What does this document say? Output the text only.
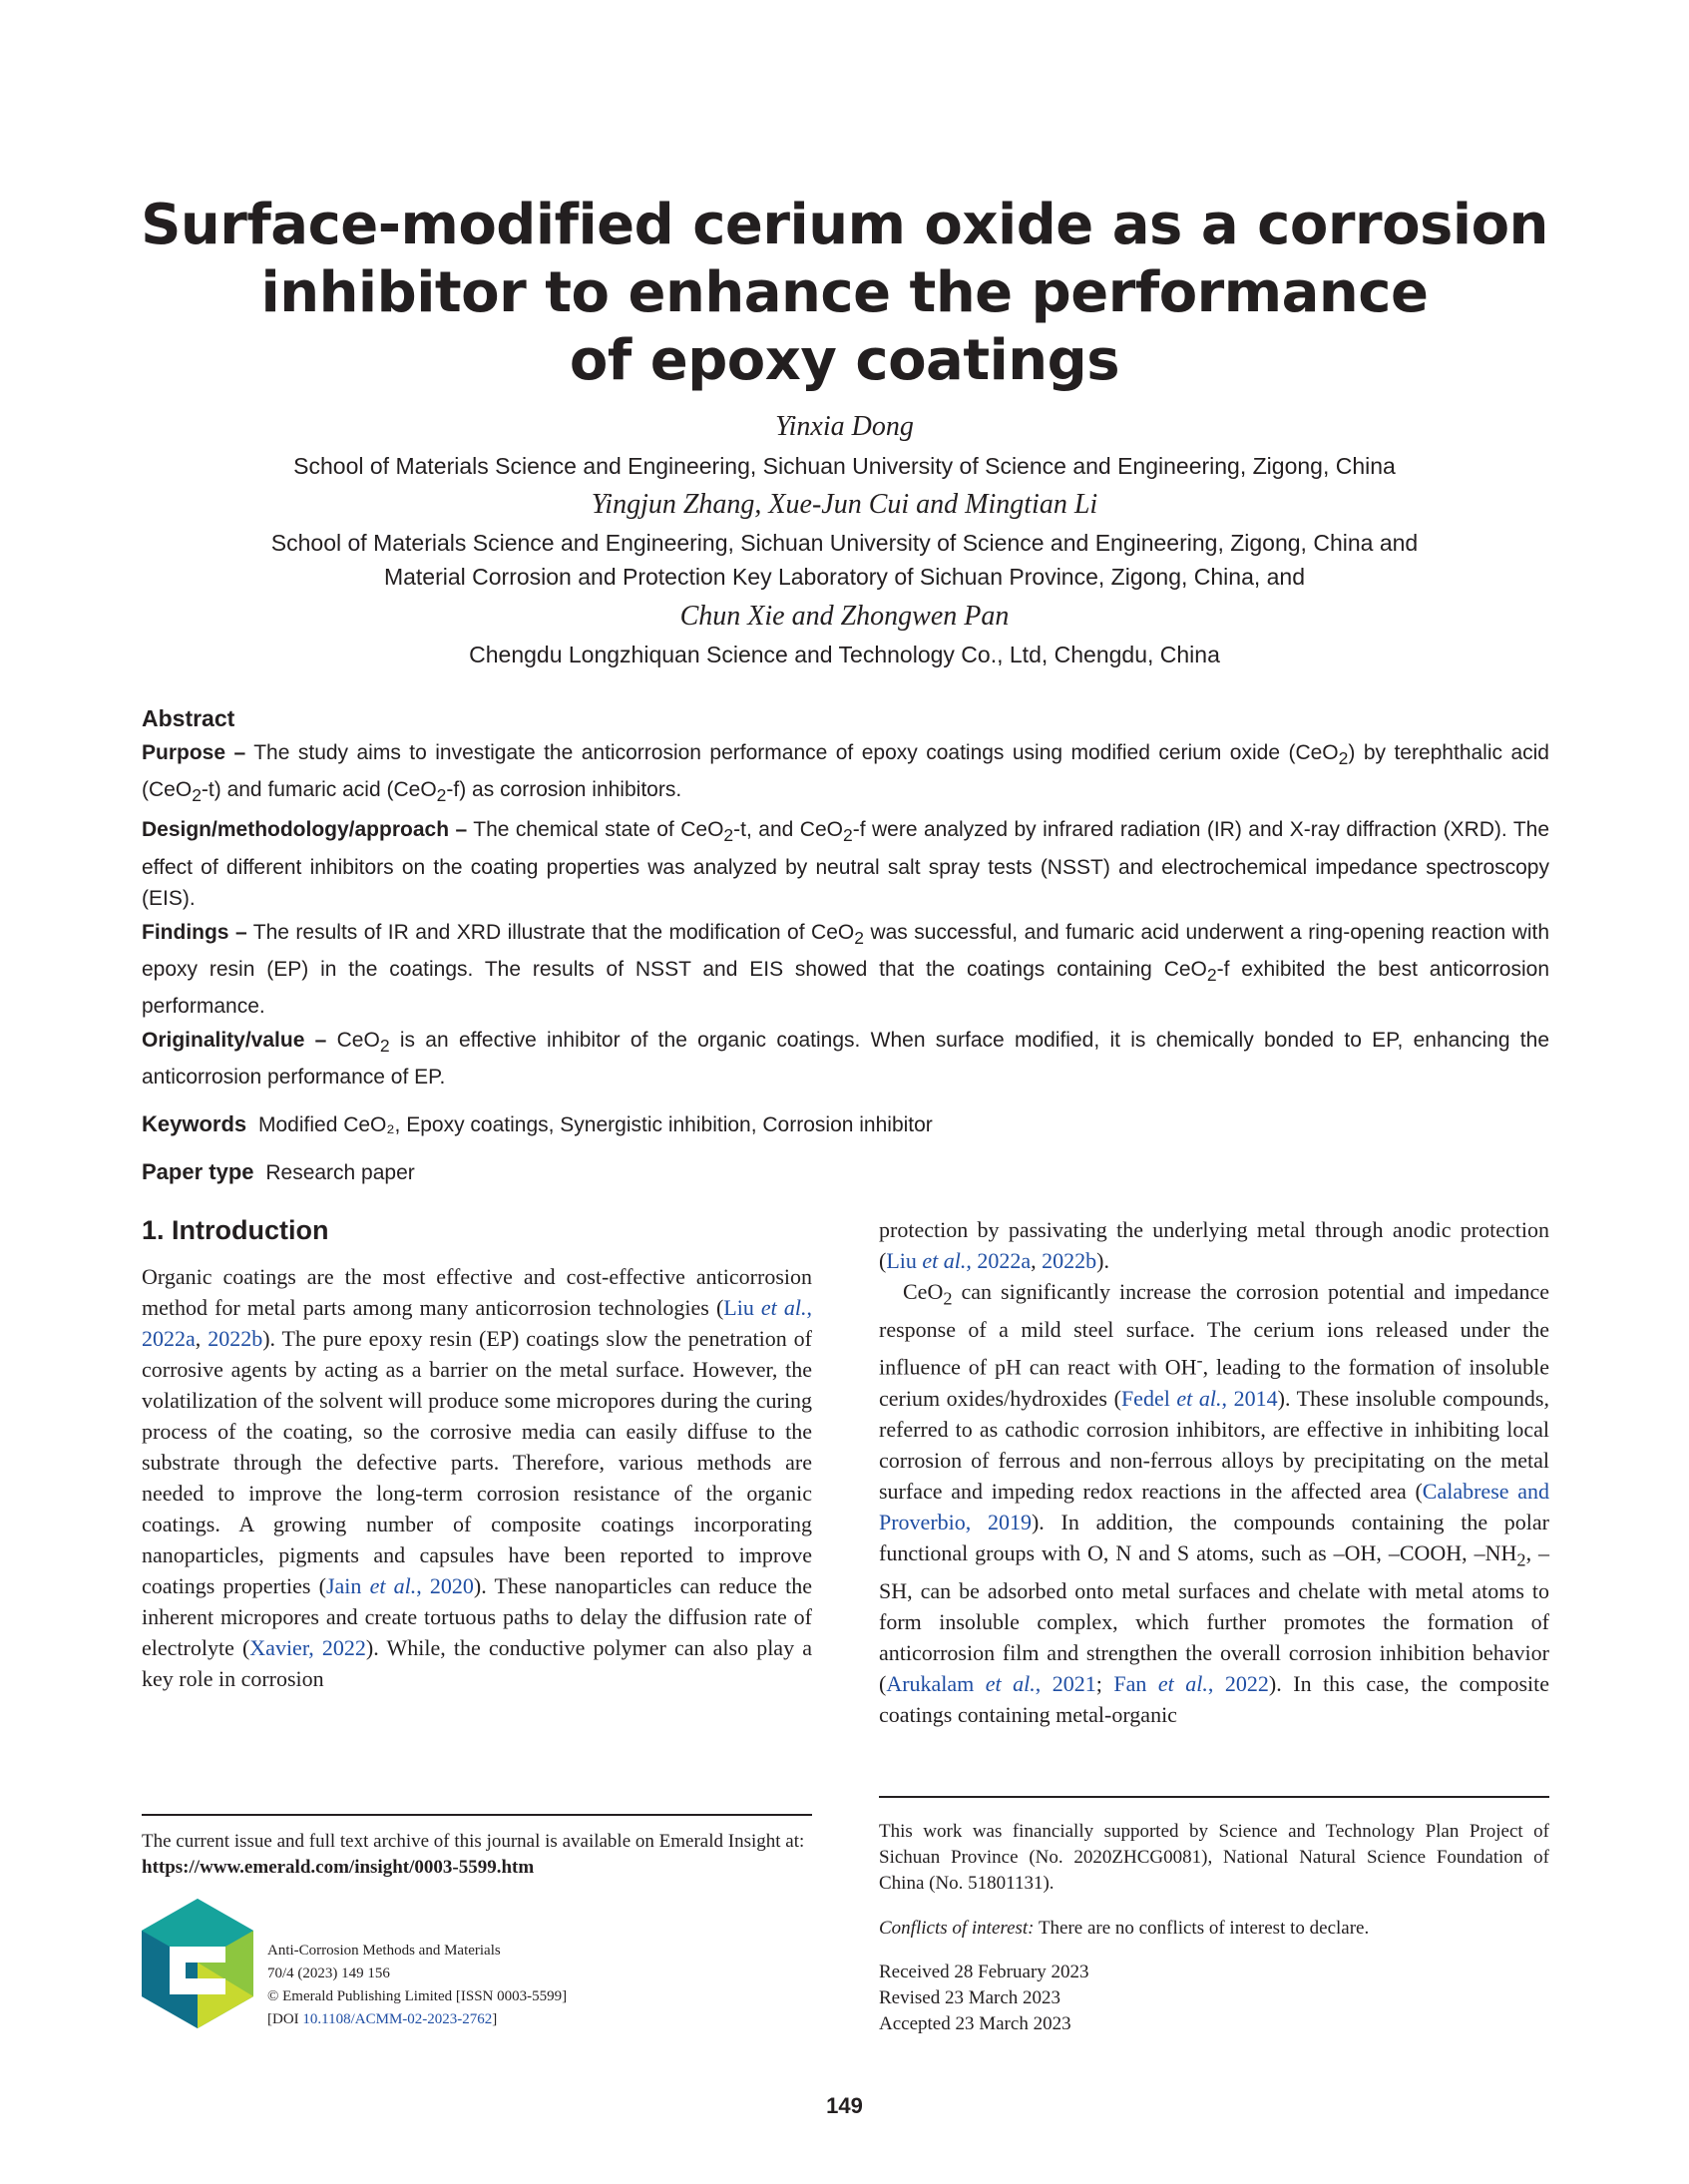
Surface-modified cerium oxide as a corrosion
inhibitor to enhance the performance
of epoxy coatings
Yinxia Dong
School of Materials Science and Engineering, Sichuan University of Science and Engineering, Zigong, China
Yingjun Zhang, Xue-Jun Cui and Mingtian Li
School of Materials Science and Engineering, Sichuan University of Science and Engineering, Zigong, China and
Material Corrosion and Protection Key Laboratory of Sichuan Province, Zigong, China, and
Chun Xie and Zhongwen Pan
Chengdu Longzhiquan Science and Technology Co., Ltd, Chengdu, China

Abstract

Purpose – The study aims to investigate the anticorrosion performance of epoxy coatings using modified cerium oxide (CeO$_2$) by terephthalic acid (CeO$_2$-t) and fumaric acid (CeO$_2$-f) as corrosion inhibitors.

Design/methodology/approach – The chemical state of CeO$_2$-t, and CeO$_2$-f were analyzed by infrared radiation (IR) and X-ray diffraction (XRD). The effect of different inhibitors on the coating properties was analyzed by neutral salt spray tests (NSST) and electrochemical impedance spectroscopy (EIS).

Findings – The results of IR and XRD illustrate that the modification of CeO$_2$ was successful, and fumaric acid underwent a ring-opening reaction with epoxy resin (EP) in the coatings. The results of NSST and EIS showed that the coatings containing CeO$_2$-f exhibited the best anticorrosion performance.

Originality/value – CeO$_2$ is an effective inhibitor of the organic coatings. When surface modified, it is chemically bonded to EP, enhancing the anticorrosion performance of EP.

Keywords Modified CeO₂, Epoxy coatings, Synergistic inhibition, Corrosion inhibitor

Paper type Research paper

1. Introduction

Organic coatings are the most effective and cost-effective anticorrosion method for metal parts among many anticorrosion technologies (Liu et al., 2022a, 2022b). The pure epoxy resin (EP) coatings slow the penetration of corrosive agents by acting as a barrier on the metal surface. However, the volatilization of the solvent will produce some micropores during the curing process of the coating, so the corrosive media can easily diffuse to the substrate through the defective parts. Therefore, various methods are needed to improve the long-term corrosion resistance of the organic coatings. A growing number of composite coatings incorporating nanoparticles, pigments and capsules have been reported to improve coatings properties (Jain et al., 2020). These nanoparticles can reduce the inherent micropores and create tortuous paths to delay the diffusion rate of electrolyte (Xavier, 2022). While, the conductive polymer can also play a key role in corrosion

protection by passivating the underlying metal through anodic protection (Liu et al., 2022a, 2022b).

CeO$_2$ can significantly increase the corrosion potential and impedance response of a mild steel surface. The cerium ions released under the influence of pH can react with OH-, leading to the formation of insoluble cerium oxides/hydroxides (Fedel et al., 2014). These insoluble compounds, referred to as cathodic corrosion inhibitors, are effective in inhibiting local corrosion of ferrous and non-ferrous alloys by precipitating on the metal surface and impeding redox reactions in the affected area (Calabrese and Proverbio, 2019). In addition, the compounds containing the polar functional groups with O, N and S atoms, such as –OH, –COOH, $-NH_2$, –SH, can be adsorbed onto metal surfaces and chelate with metal atoms to form insoluble complex, which further promotes the formation of anticorrosion film and strengthen the overall corrosion inhibition behavior (Arukalam et al., 2021; Fan et al., 2022). In this case, the composite coatings containing metal-organic

The current issue and full text archive of this journal is available on Emerald Insight at: https://www.emerald.com/insight/0003-5599.htm
Anti-Corrosion Methods and Materials
70/4 (2023) 149 156
© Emerald Publishing Limited [ISSN 0003-5599]
[DOI 10.1108/ACMM-02-2023-2762]
This work was financially supported by Science and Technology Plan Project of Sichuan Province (No. 2020ZHCG0081), National Natural Science Foundation of China (No. 51801131).
Conflicts of interest: There are no conflicts of interest to declare.
Received 28 February 2023
Revised 23 March 2023
Accepted 23 March 2023
149
